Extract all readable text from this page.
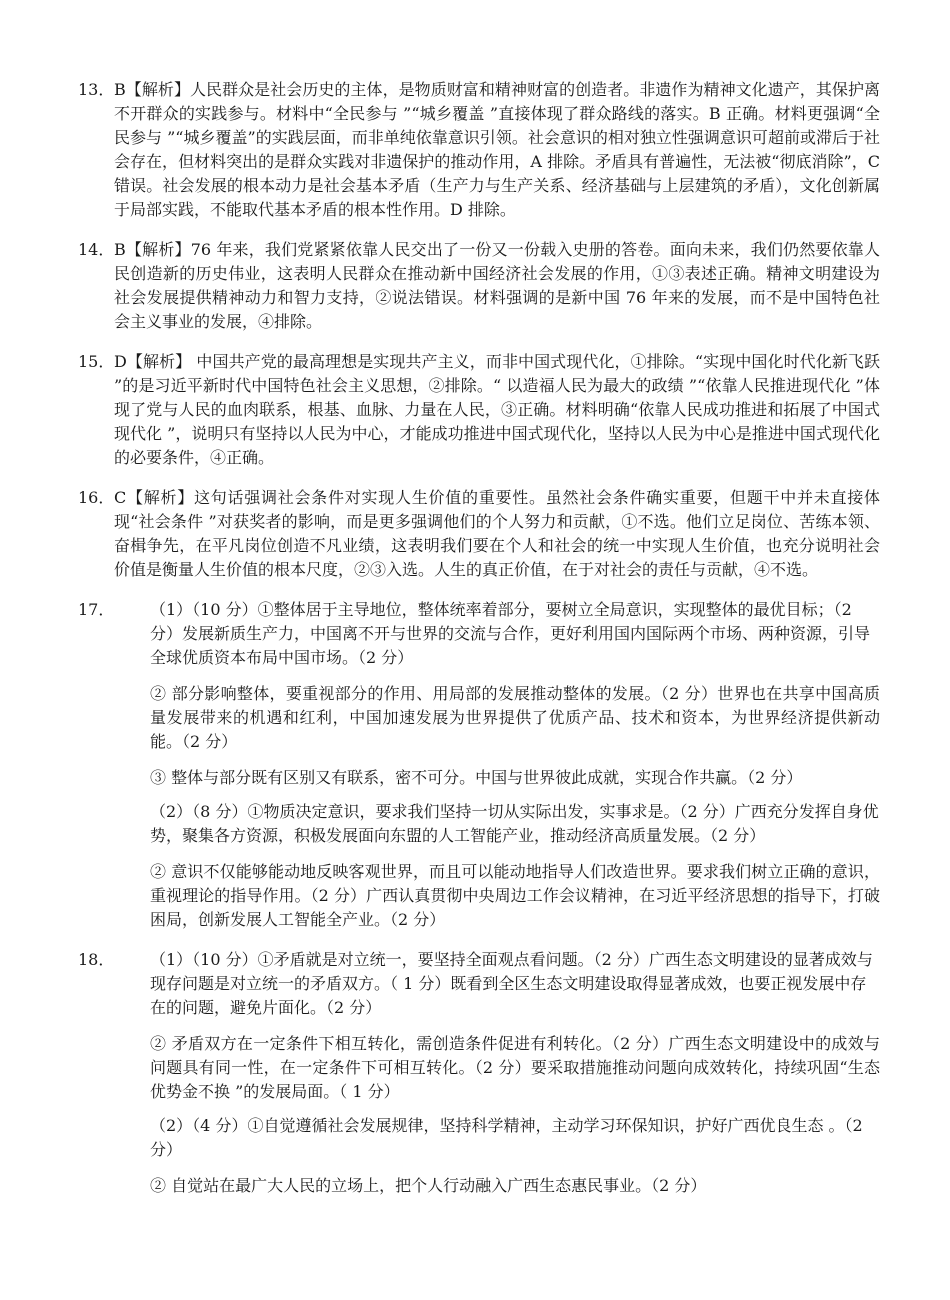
13． B【解析】人民群众是社会历史的主体，是物质财富和精神财富的创造者。非遗作为精神文化遗产，其保护离不开群众的实践参与。材料中“全民参与 ”“城乡覆盖 ”直接体现了群众路线的落实。B 正确。材料更强调“全民参与 ”“城乡覆盖”的实践层面，而非单纯依靠意识引领。社会意识的相对独立性强调意识可超前或滞后于社会存在，但材料突出的是群众实践对非遗保护的推动作用，A 排除。矛盾具有普遍性，无法被“彻底消除”，C 错误。社会发展的根本动力是社会基本矛盾（生产力与生产关系、经济基础与上层建筑的矛盾），文化创新属于局部实践，不能取代基本矛盾的根本性作用。D 排除。

14． B【解析】76 年来，我们党紧紧依靠人民交出了一份又一份载入史册的答卷。面向未来，我们仍然要依靠人民创造新的历史伟业，这表明人民群众在推动新中国经济社会发展的作用，①③表述正确。精神文明建设为社会发展提供精神动力和智力支持，②说法错误。材料强调的是新中国 76 年来的发展，而不是中国特色社会主义事业的发展，④排除。

15． D【解析】 中国共产党的最高理想是实现共产主义，而非中国式现代化，①排除。“实现中国化时代化新飞跃 ”的是习近平新时代中国特色社会主义思想，②排除。“ 以造福人民为最大的政绩 ”“依靠人民推进现代化 ”体现了党与人民的血肉联系，根基、血脉、力量在人民，③正确。材料明确“依靠人民成功推进和拓展了中国式现代化 ”，说明只有坚持以人民为中心，才能成功推进中国式现代化，坚持以人民为中心是推进中国式现代化的必要条件，④正确。

16． C【解析】这句话强调社会条件对实现人生价值的重要性。虽然社会条件确实重要，但题干中并未直接体现“社会条件 ”对获奖者的影响，而是更多强调他们的个人努力和贡献，①不选。他们立足岗位、苦练本领、奋楫争先，在平凡岗位创造不凡业绩，这表明我们要在个人和社会的统一中实现人生价值，也充分说明社会价值是衡量人生价值的根本尺度，②③入选。人生的真正价值，在于对社会的责任与贡献，④不选。

17．	（1）（10 分）①整体居于主导地位，整体统率着部分，要树立全局意识，实现整体的最优目标；（2 分）发展新质生产力，中国离不开与世界的交流与合作，更好利用国内国际两个市场、两种资源，引导全球优质资本布局中国市场。（2 分）

② 部分影响整体，要重视部分的作用、用局部的发展推动整体的发展。（2 分）世界也在共享中国高质量发展带来的机遇和红利，中国加速发展为世界提供了优质产品、技术和资本，为世界经济提供新动能。（2 分）

③ 整体与部分既有区别又有联系，密不可分。中国与世界彼此成就，实现合作共赢。（2 分）

（2）（8 分）①物质决定意识，要求我们坚持一切从实际出发，实事求是。（2 分）广西充分发挥自身优势，聚集各方资源，积极发展面向东盟的人工智能产业，推动经济高质量发展。（2 分）

② 意识不仅能够能动地反映客观世界，而且可以能动地指导人们改造世界。要求我们树立正确的意识，重视理论的指导作用。（2 分）广西认真贯彻中央周边工作会议精神，在习近平经济思想的指导下，打破困局，创新发展人工智能全产业。（2 分）

18．	（1）（10 分）①矛盾就是对立统一，要坚持全面观点看问题。（2 分）广西生态文明建设的显著成效与现存问题是对立统一的矛盾双方。（ 1 分）既看到全区生态文明建设取得显著成效，也要正视发展中存在的问题，避免片面化。（2 分）

② 矛盾双方在一定条件下相互转化，需创造条件促进有利转化。（2 分）广西生态文明建设中的成效与问题具有同一性，在一定条件下可相互转化。（2 分）要采取措施推动问题向成效转化，持续巩固“生态优势金不换 ”的发展局面。（ 1 分）

（2）（4 分）①自觉遵循社会发展规律，坚持科学精神，主动学习环保知识，护好广西优良生态 。（2 分）

② 自觉站在最广大人民的立场上，把个人行动融入广西生态惠民事业。（2 分）
